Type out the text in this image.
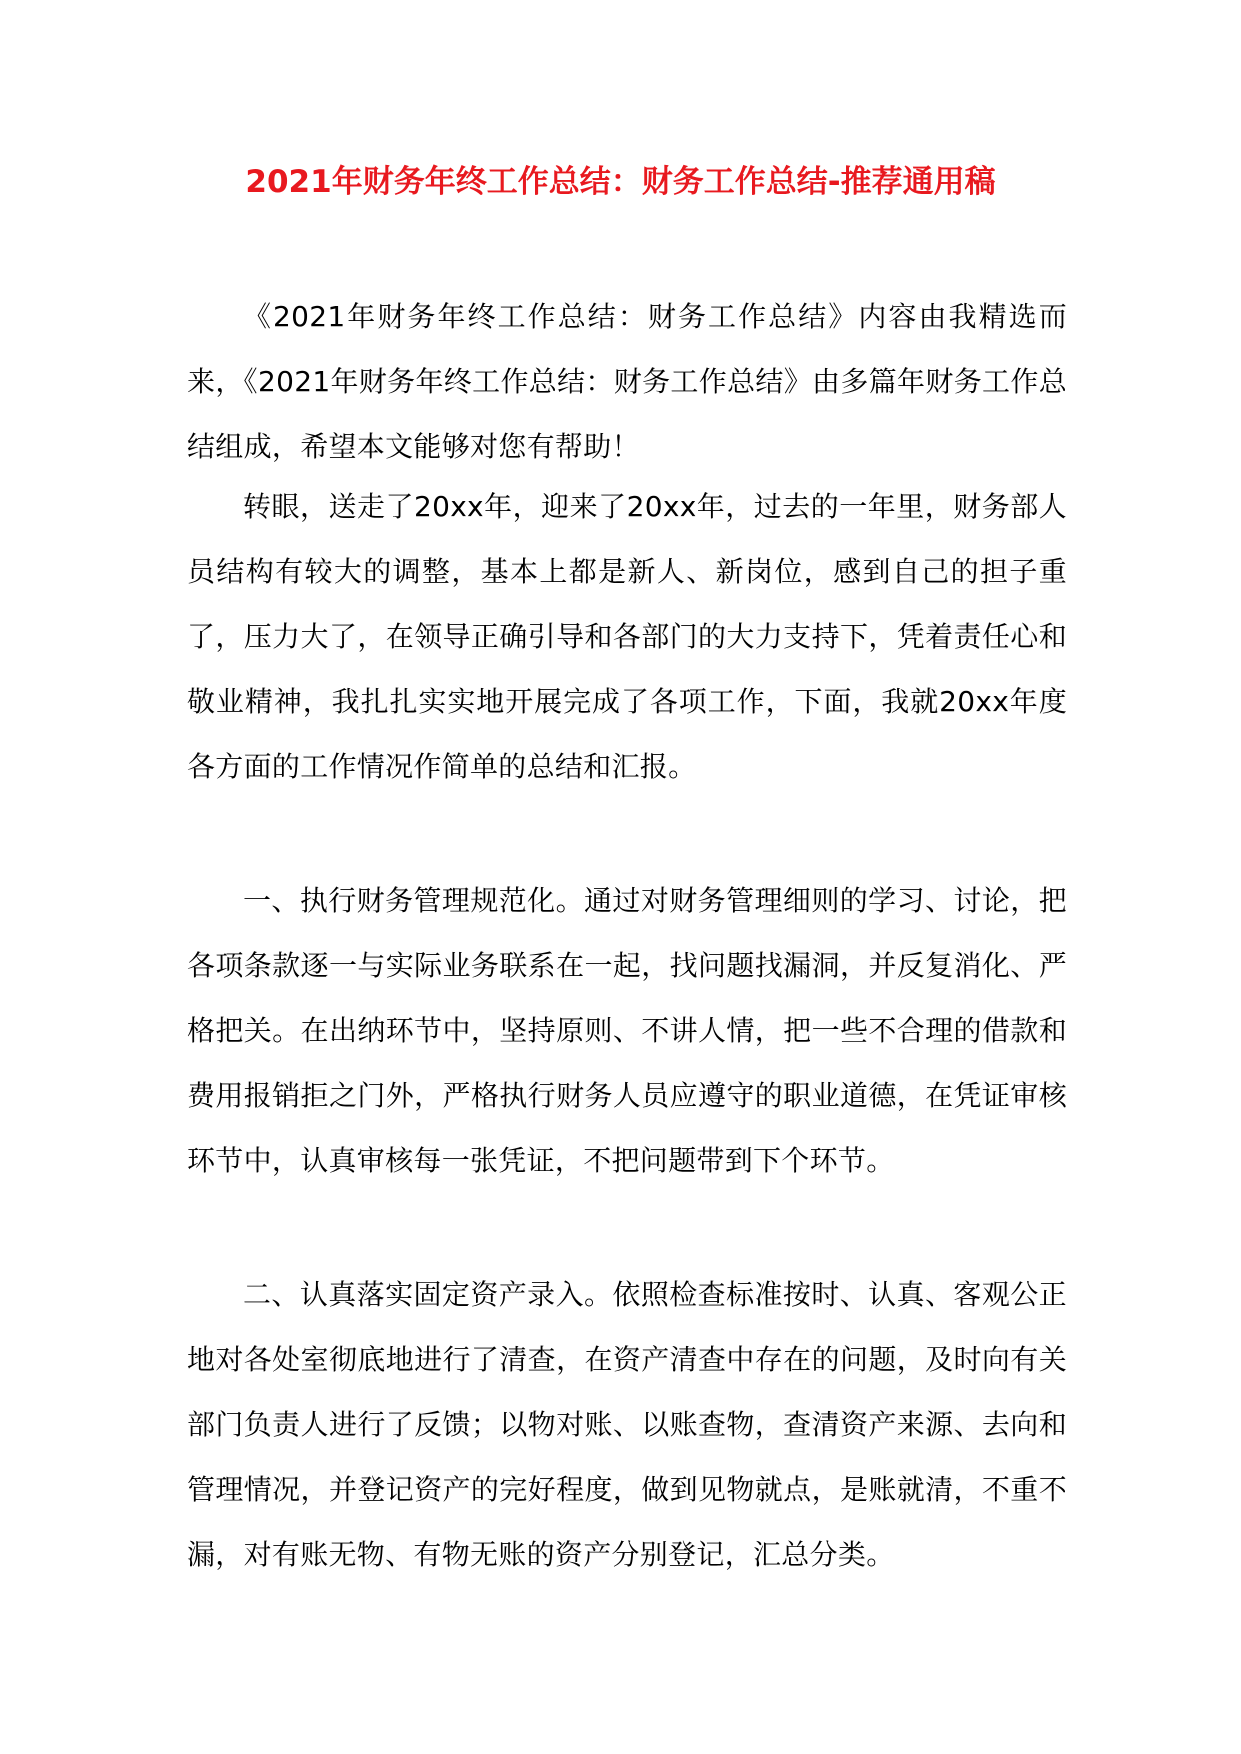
2021年财务年终工作总结：财务工作总结-推荐通用稿

《2021年财务年终工作总结：财务工作总结》内容由我精选而来，《2021年财务年终工作总结：财务工作总结》由多篇年财务工作总结组成，希望本文能够对您有帮助！

转眼，送走了20xx年，迎来了20xx年，过去的一年里，财务部人员结构有较大的调整，基本上都是新人、新岗位，感到自己的担子重了，压力大了，在领导正确引导和各部门的大力支持下，凭着责任心和敬业精神，我扎扎实实地开展完成了各项工作，下面，我就20xx年度各方面的工作情况作简单的总结和汇报。

一、执行财务管理规范化。通过对财务管理细则的学习、讨论，把各项条款逐一与实际业务联系在一起，找问题找漏洞，并反复消化、严格把关。在出纳环节中，坚持原则、不讲人情，把一些不合理的借款和费用报销拒之门外，严格执行财务人员应遵守的职业道德，在凭证审核环节中，认真审核每一张凭证，不把问题带到下个环节。

二、认真落实固定资产录入。依照检查标准按时、认真、客观公正地对各处室彻底地进行了清查，在资产清查中存在的问题，及时向有关部门负责人进行了反馈；以物对账、以账查物，查清资产来源、去向和管理情况，并登记资产的完好程度，做到见物就点，是账就清，不重不漏，对有账无物、有物无账的资产分别登记，汇总分类。
